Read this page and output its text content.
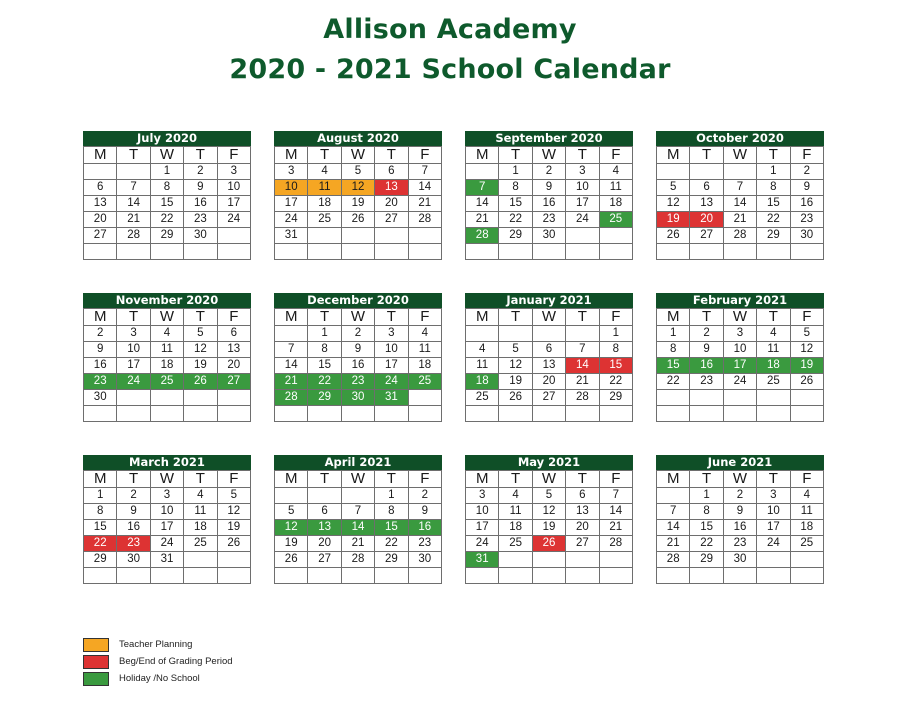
Allison Academy
2020 - 2021 School Calendar
July 2020
M	T	W	T	F
		1	2	3
6	7	8	9	10
13	14	15	16	17
20	21	22	23	24
27	28	29	30	

August 2020
M	T	W	T	F
3	4	5	6	7
10	11	12	13	14
17	18	19	20	21
24	25	26	27	28
31				

September 2020
M	T	W	T	F
	1	2	3	4
7	8	9	10	11
14	15	16	17	18
21	22	23	24	25
28	29	30		

October 2020
M	T	W	T	F
			1	2
5	6	7	8	9
12	13	14	15	16
19	20	21	22	23
26	27	28	29	30

November 2020
M	T	W	T	F
2	3	4	5	6
9	10	11	12	13
16	17	18	19	20
23	24	25	26	27
30				

December 2020
M	T	W	T	F
	1	2	3	4
7	8	9	10	11
14	15	16	17	18
21	22	23	24	25
28	29	30	31	

January 2021
M	T	W	T	F
				1
4	5	6	7	8
11	12	13	14	15
18	19	20	21	22
25	26	27	28	29

February 2021
M	T	W	T	F
1	2	3	4	5
8	9	10	11	12
15	16	17	18	19
22	23	24	25	26

March 2021
M	T	W	T	F
1	2	3	4	5
8	9	10	11	12
15	16	17	18	19
22	23	24	25	26
29	30	31		

April 2021
M	T	W	T	F
			1	2
5	6	7	8	9
12	13	14	15	16
19	20	21	22	23
26	27	28	29	30

May 2021
M	T	W	T	F
3	4	5	6	7
10	11	12	13	14
17	18	19	20	21
24	25	26	27	28
31				

June 2021
M	T	W	T	F
	1	2	3	4
7	8	9	10	11
14	15	16	17	18
21	22	23	24	25
28	29	30		

Teacher Planning
Beg/End of Grading Period
Holiday /No School
